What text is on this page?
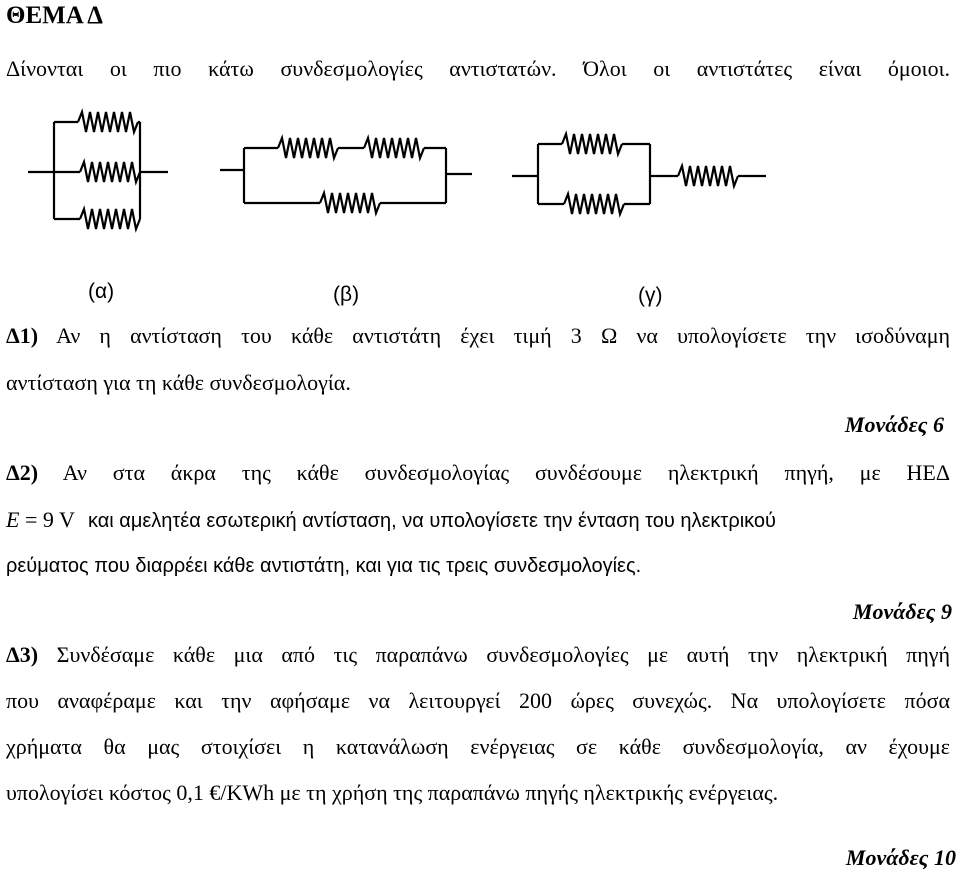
ΘΕΜΑ Δ
Δίνονται οι πιο κάτω συνδεσμολογίες αντιστατών. Όλοι οι αντιστάτες είναι όμοιοι.
(α)	(β)	(γ)
Δ1) Αν η αντίσταση του κάθε αντιστάτη έχει τιμή 3 Ω να υπολογίσετε την ισοδύναμη
αντίσταση για τη κάθε συνδεσμολογία.
Μονάδες 6
Δ2) Αν στα άκρα της κάθε συνδεσμολογίας συνδέσουμε ηλεκτρική πηγή, με ΗΕΔ
E = 9 V και αμελητέα εσωτερική αντίσταση, να υπολογίσετε την ένταση του ηλεκτρικού
ρεύματος που διαρρέει κάθε αντιστάτη, και για τις τρεις συνδεσμολογίες.
Μονάδες 9
Δ3) Συνδέσαμε κάθε μια από τις παραπάνω συνδεσμολογίες με αυτή την ηλεκτρική πηγή
που αναφέραμε και την αφήσαμε να λειτουργεί 200 ώρες συνεχώς. Να υπολογίσετε πόσα
χρήματα θα μας στοιχίσει η κατανάλωση ενέργειας σε κάθε συνδεσμολογία, αν έχουμε
υπολογίσει κόστος 0,1 €/KWh με τη χρήση της παραπάνω πηγής ηλεκτρικής ενέργειας.
Μονάδες 10
